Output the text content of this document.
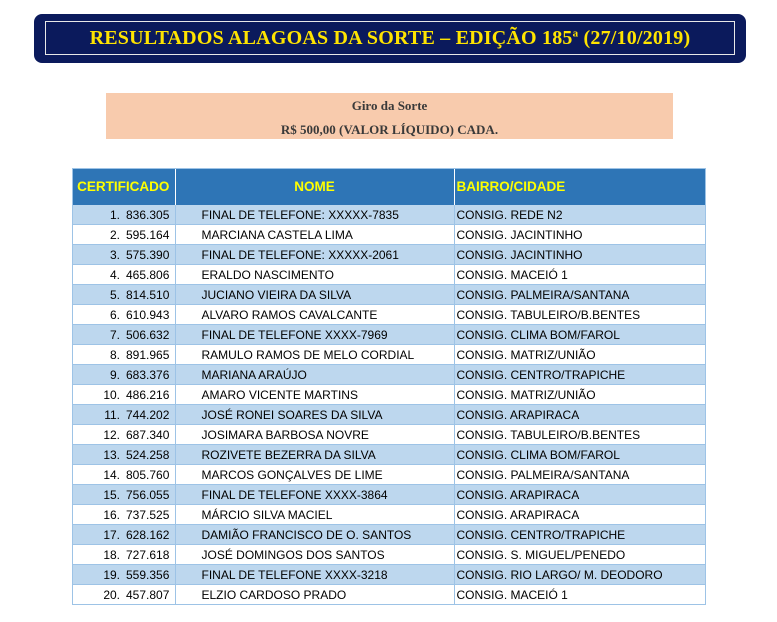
RESULTADOS ALAGOAS DA SORTE – EDIÇÃO 185$^a$ (27/10/2019)
Giro da Sorte
R$ 500,00 (VALOR LÍQUIDO) CADA.
CERTIFICADO	NOME	BAIRRO/CIDADE
1. 836.305	FINAL DE TELEFONE: XXXXX-7835	CONSIG. REDE N2
2. 595.164	MARCIANA CASTELA LIMA	CONSIG. JACINTINHO
3. 575.390	FINAL DE TELEFONE: XXXXX-2061	CONSIG. JACINTINHO
4. 465.806	ERALDO NASCIMENTO	CONSIG. MACEIÓ 1
5. 814.510	JUCIANO VIEIRA DA SILVA	CONSIG. PALMEIRA/SANTANA
6. 610.943	ALVARO RAMOS CAVALCANTE	CONSIG. TABULEIRO/B.BENTES
7. 506.632	FINAL DE TELEFONE XXXX-7969	CONSIG. CLIMA BOM/FAROL
8. 891.965	RAMULO RAMOS DE MELO CORDIAL	CONSIG. MATRIZ/UNIÃO
9. 683.376	MARIANA ARAÚJO	CONSIG. CENTRO/TRAPICHE
10. 486.216	AMARO VICENTE MARTINS	CONSIG. MATRIZ/UNIÃO
11. 744.202	JOSÉ RONEI SOARES DA SILVA	CONSIG. ARAPIRACA
12. 687.340	JOSIMARA BARBOSA NOVRE	CONSIG. TABULEIRO/B.BENTES
13. 524.258	ROZIVETE BEZERRA DA SILVA	CONSIG. CLIMA BOM/FAROL
14. 805.760	MARCOS GONÇALVES DE LIME	CONSIG. PALMEIRA/SANTANA
15. 756.055	FINAL DE TELEFONE XXXX-3864	CONSIG. ARAPIRACA
16. 737.525	MÁRCIO SILVA MACIEL	CONSIG. ARAPIRACA
17. 628.162	DAMIÃO FRANCISCO DE O. SANTOS	CONSIG. CENTRO/TRAPICHE
18. 727.618	JOSÉ DOMINGOS DOS SANTOS	CONSIG. S. MIGUEL/PENEDO
19. 559.356	FINAL DE TELEFONE XXXX-3218	CONSIG. RIO LARGO/ M. DEODORO
20. 457.807	ELZIO CARDOSO PRADO	CONSIG. MACEIÓ 1
